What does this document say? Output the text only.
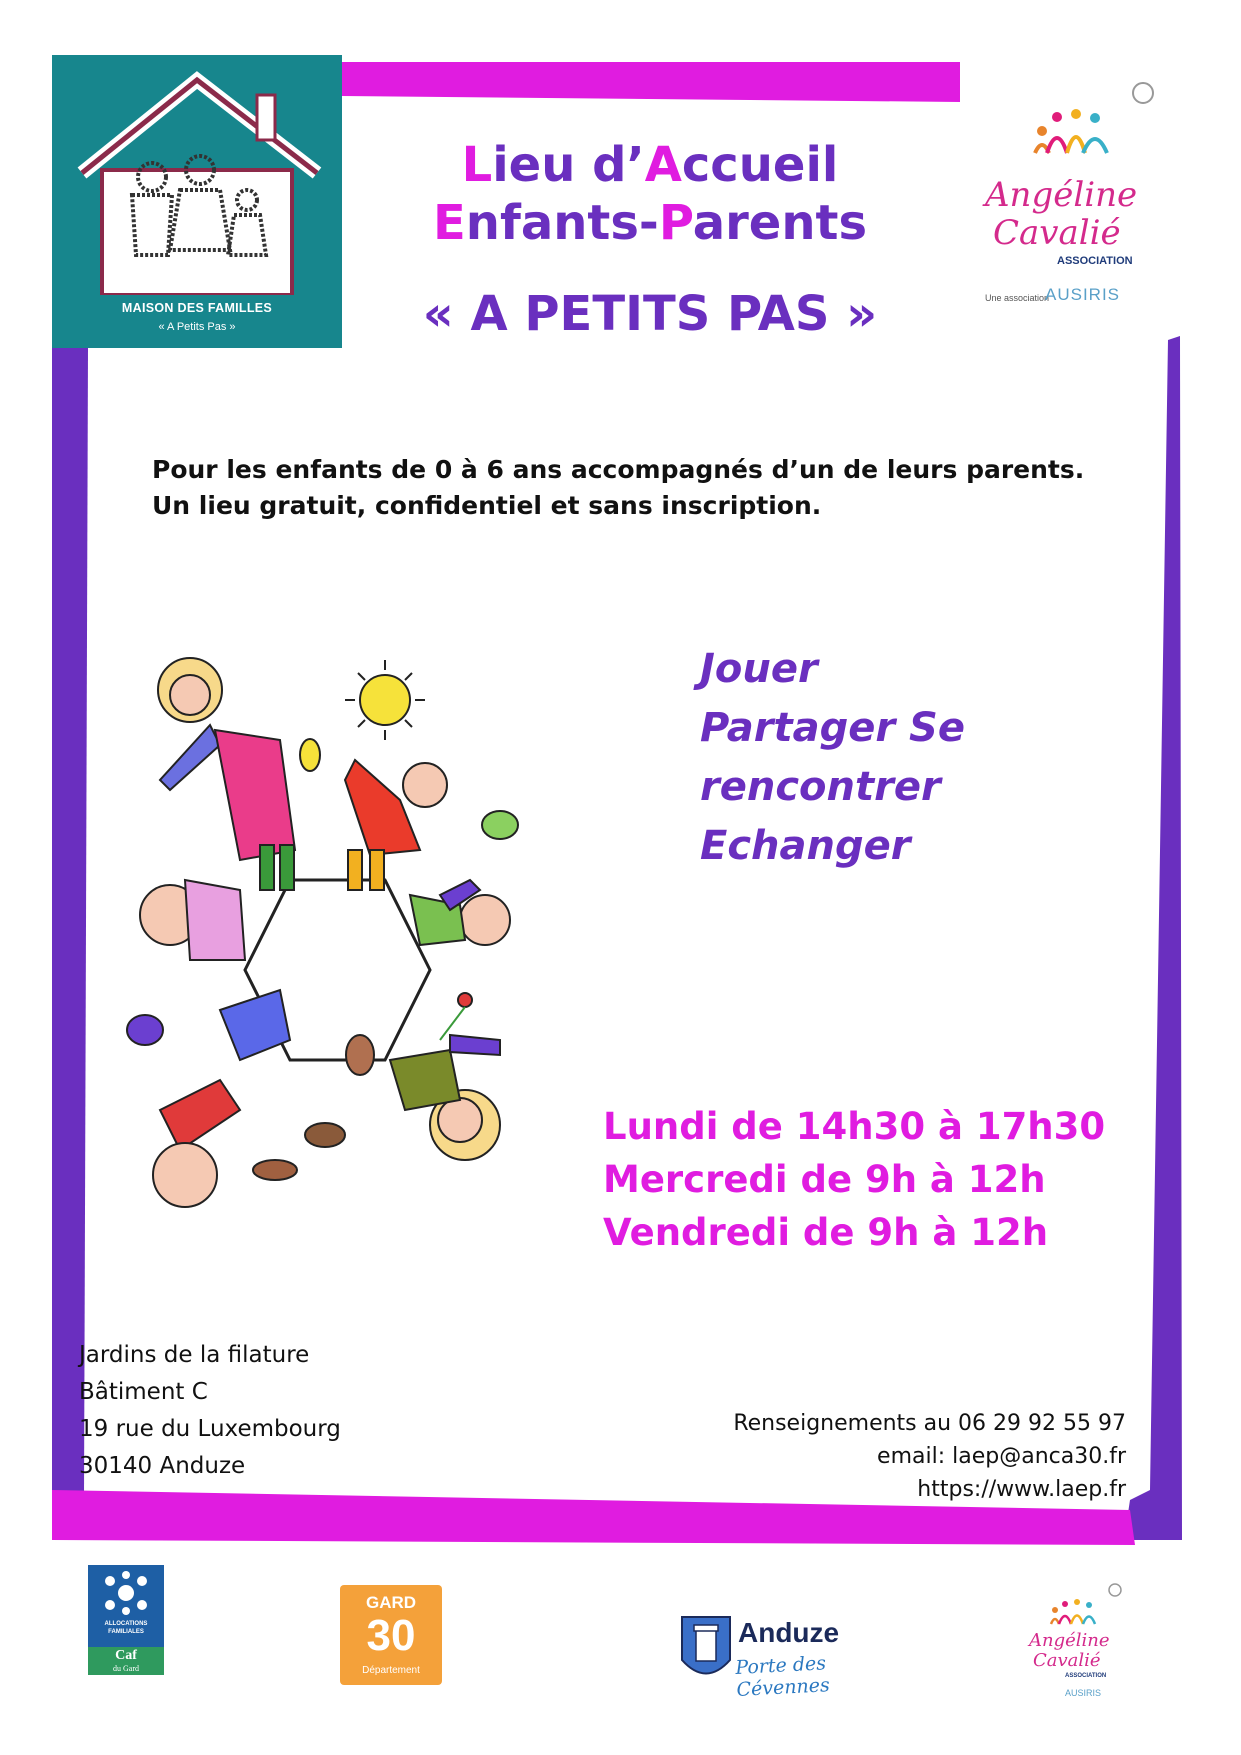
MAISON DES FAMILLES
« A Petits Pas »
Lieu d’Accueil
Enfants-Parents
« A PETITS PAS »
Angéline
Cavalié
ASSOCIATION
Une association
AUSIRIS
Pour les enfants de 0 à 6 ans accompagnés d’un de leurs parents.
Un lieu gratuit, confidentiel et sans inscription.
Jouer
Partager Se
rencontrer
Echanger
Lundi de 14h30 à 17h30
Mercredi de 9h à 12h
Vendredi de 9h à 12h
Jardins de la filature
Bâtiment C
19 rue du Luxembourg
30140 Anduze
Renseignements au 06 29 92 55 97
email: laep@anca30.fr
https://www.laep.fr
ALLOCATIONS
FAMILIALES
Caf
du Gard
GARD
30
Département
Anduze
Porte des Cévennes
Angéline
Cavalié
ASSOCIATION
AUSIRIS
